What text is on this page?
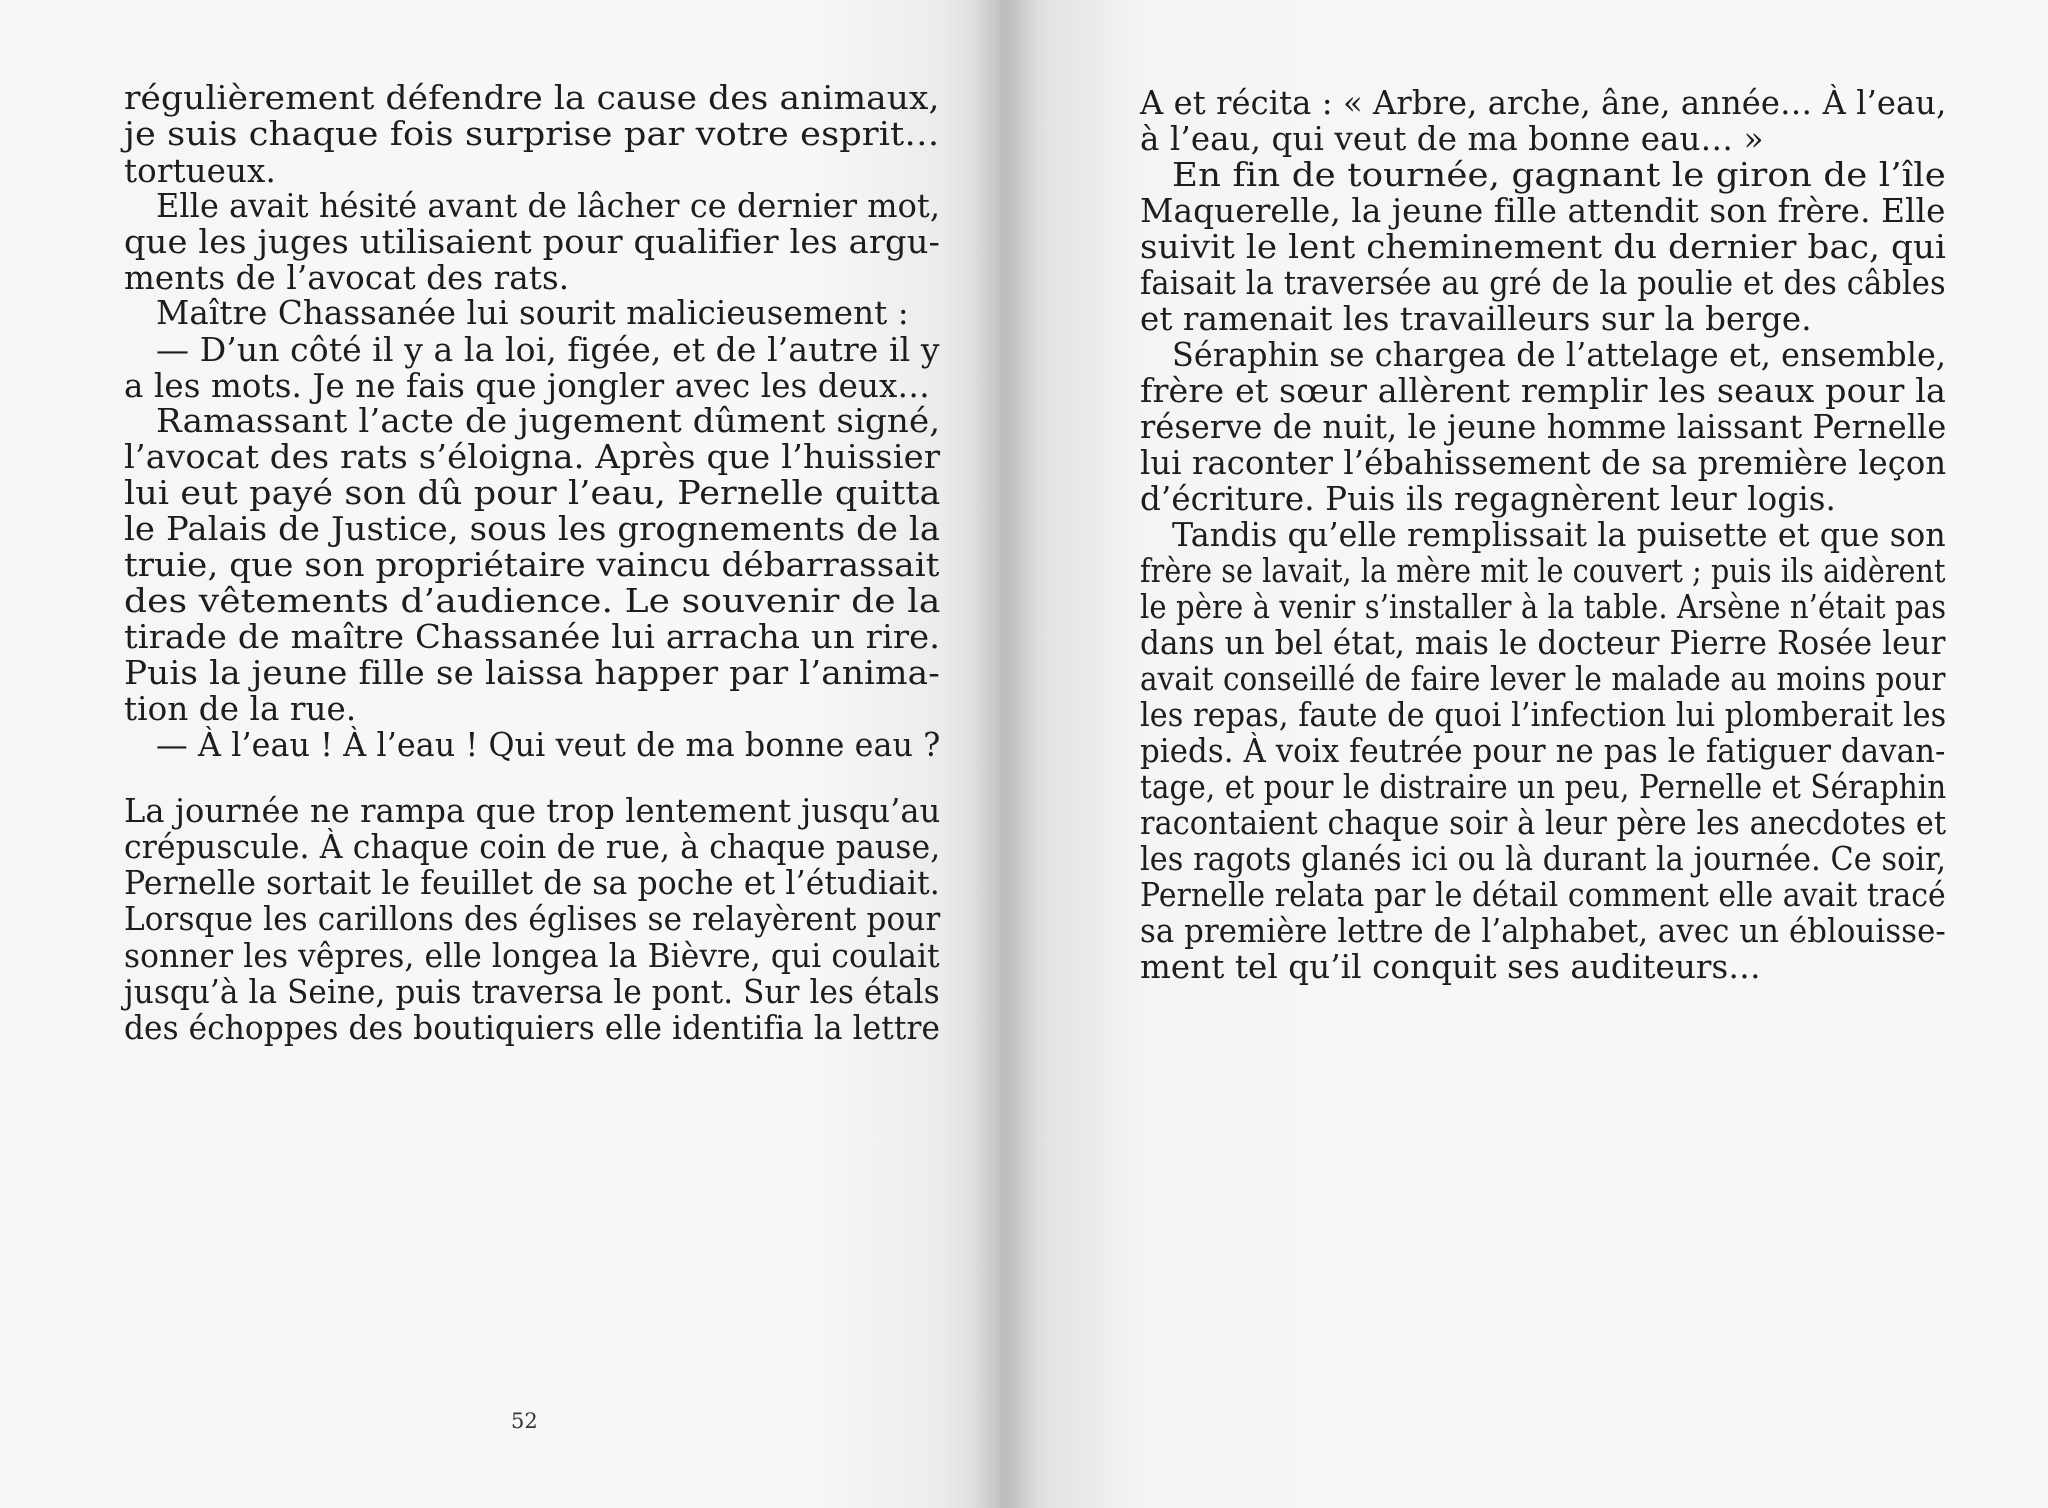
régulièrement défendre la cause des animaux,
je suis chaque fois surprise par votre esprit…
tortueux.
Elle avait hésité avant de lâcher ce dernier mot,
que les juges utilisaient pour qualifier les argu-
ments de l’avocat des rats.
Maître Chassanée lui sourit malicieusement :
— D’un côté il y a la loi, figée, et de l’autre il y
a les mots. Je ne fais que jongler avec les deux…
Ramassant l’acte de jugement dûment signé,
l’avocat des rats s’éloigna. Après que l’huissier
lui eut payé son dû pour l’eau, Pernelle quitta
le Palais de Justice, sous les grognements de la
truie, que son propriétaire vaincu débarrassait
des vêtements d’audience. Le souvenir de la
tirade de maître Chassanée lui arracha un rire.
Puis la jeune fille se laissa happer par l’anima-
tion de la rue.
— À l’eau ! À l’eau ! Qui veut de ma bonne eau ?
La journée ne rampa que trop lentement jusqu’au
crépuscule. À chaque coin de rue, à chaque pause,
Pernelle sortait le feuillet de sa poche et l’étudiait.
Lorsque les carillons des églises se relayèrent pour
sonner les vêpres, elle longea la Bièvre, qui coulait
jusqu’à la Seine, puis traversa le pont. Sur les étals
des échoppes des boutiquiers elle identifia la lettre
52
A et récita : « Arbre, arche, âne, année… À l’eau,
à l’eau, qui veut de ma bonne eau… »
En fin de tournée, gagnant le giron de l’île
Maquerelle, la jeune fille attendit son frère. Elle
suivit le lent cheminement du dernier bac, qui
faisait la traversée au gré de la poulie et des câbles
et ramenait les travailleurs sur la berge.
Séraphin se chargea de l’attelage et, ensemble,
frère et sœur allèrent remplir les seaux pour la
réserve de nuit, le jeune homme laissant Pernelle
lui raconter l’ébahissement de sa première leçon
d’écriture. Puis ils regagnèrent leur logis.
Tandis qu’elle remplissait la puisette et que son
frère se lavait, la mère mit le couvert ; puis ils aidèrent
le père à venir s’installer à la table. Arsène n’était pas
dans un bel état, mais le docteur Pierre Rosée leur
avait conseillé de faire lever le malade au moins pour
les repas, faute de quoi l’infection lui plomberait les
pieds. À voix feutrée pour ne pas le fatiguer davan-
tage, et pour le distraire un peu, Pernelle et Séraphin
racontaient chaque soir à leur père les anecdotes et
les ragots glanés ici ou là durant la journée. Ce soir,
Pernelle relata par le détail comment elle avait tracé
sa première lettre de l’alphabet, avec un éblouisse-
ment tel qu’il conquit ses auditeurs…
